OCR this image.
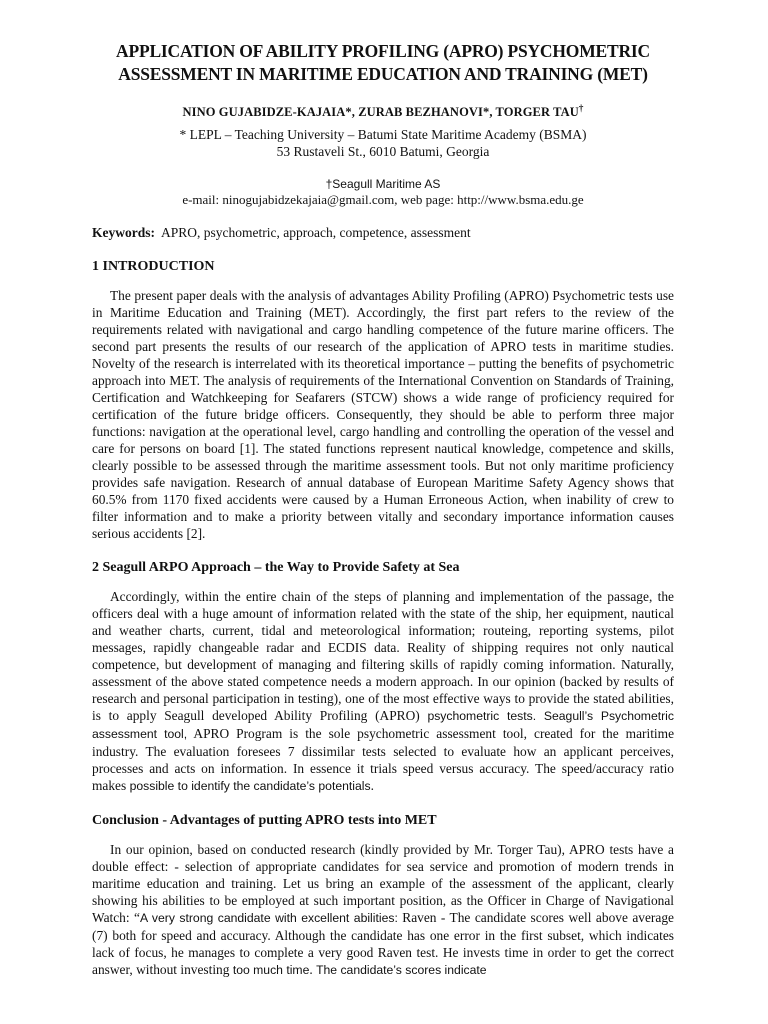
APPLICATION OF ABILITY PROFILING (APRO) PSYCHOMETRIC
ASSESSMENT IN MARITIME EDUCATION AND TRAINING (MET)
NINO GUJABIDZE-KAJAIA*, ZURAB BEZHANOVI*, TORGER TAU†
* LEPL – Teaching University – Batumi State Maritime Academy (BSMA)
53 Rustaveli St., 6010 Batumi, Georgia
†Seagull Maritime AS
e-mail: ninogujabidzekajaia@gmail.com, web page: http://www.bsma.edu.ge
Keywords: APRO, psychometric, approach, competence, assessment
1 INTRODUCTION

The present paper deals with the analysis of advantages Ability Profiling (APRO) Psychometric tests use in Maritime Education and Training (MET). Accordingly, the first part refers to the review of the requirements related with navigational and cargo handling competence of the future marine officers. The second part presents the results of our research of the application of APRO tests in maritime studies. Novelty of the research is interrelated with its theoretical importance – putting the benefits of psychometric approach into MET. The analysis of requirements of the International Convention on Standards of Training, Certification and Watchkeeping for Seafarers (STCW) shows a wide range of proficiency required for certification of the future bridge officers. Consequently, they should be able to perform three major functions: navigation at the operational level, cargo handling and controlling the operation of the vessel and care for persons on board [1]. The stated functions represent nautical knowledge, competence and skills, clearly possible to be assessed through the maritime assessment tools. But not only maritime proficiency provides safe navigation. Research of annual database of European Maritime Safety Agency shows that 60.5% from 1170 fixed accidents were caused by a Human Erroneous Action, when inability of crew to filter information and to make a priority between vitally and secondary importance information causes serious accidents [2].

2 Seagull ARPO Approach – the Way to Provide Safety at Sea

Accordingly, within the entire chain of the steps of planning and implementation of the passage, the officers deal with a huge amount of information related with the state of the ship, her equipment, nautical and weather charts, current, tidal and meteorological information; routeing, reporting systems, pilot messages, rapidly changeable radar and ECDIS data. Reality of shipping requires not only nautical competence, but development of managing and filtering skills of rapidly coming information. Naturally, assessment of the above stated competence needs a modern approach. In our opinion (backed by results of research and personal participation in testing), one of the most effective ways to provide the stated abilities, is to apply Seagull developed Ability Profiling (APRO) psychometric tests. Seagull’s Psychometric assessment tool, APRO Program is the sole psychometric assessment tool, created for the maritime industry. The evaluation foresees 7 dissimilar tests selected to evaluate how an applicant perceives, processes and acts on information. In essence it trials speed versus accuracy. The speed/accuracy ratio makes possible to identify the candidate’s potentials.

Conclusion - Advantages of putting APRO tests into MET

In our opinion, based on conducted research (kindly provided by Mr. Torger Tau), APRO tests have a double effect: - selection of appropriate candidates for sea service and promotion of modern trends in maritime education and training. Let us bring an example of the assessment of the applicant, clearly showing his abilities to be employed at such important position, as the Officer in Charge of Navigational Watch: “A very strong candidate with excellent abilities: Raven - The candidate scores well above average (7) both for speed and accuracy. Although the candidate has one error in the first subset, which indicates lack of focus, he manages to complete a very good Raven test. He invests time in order to get the correct answer, without investing too much time. The candidate’s scores indicate
